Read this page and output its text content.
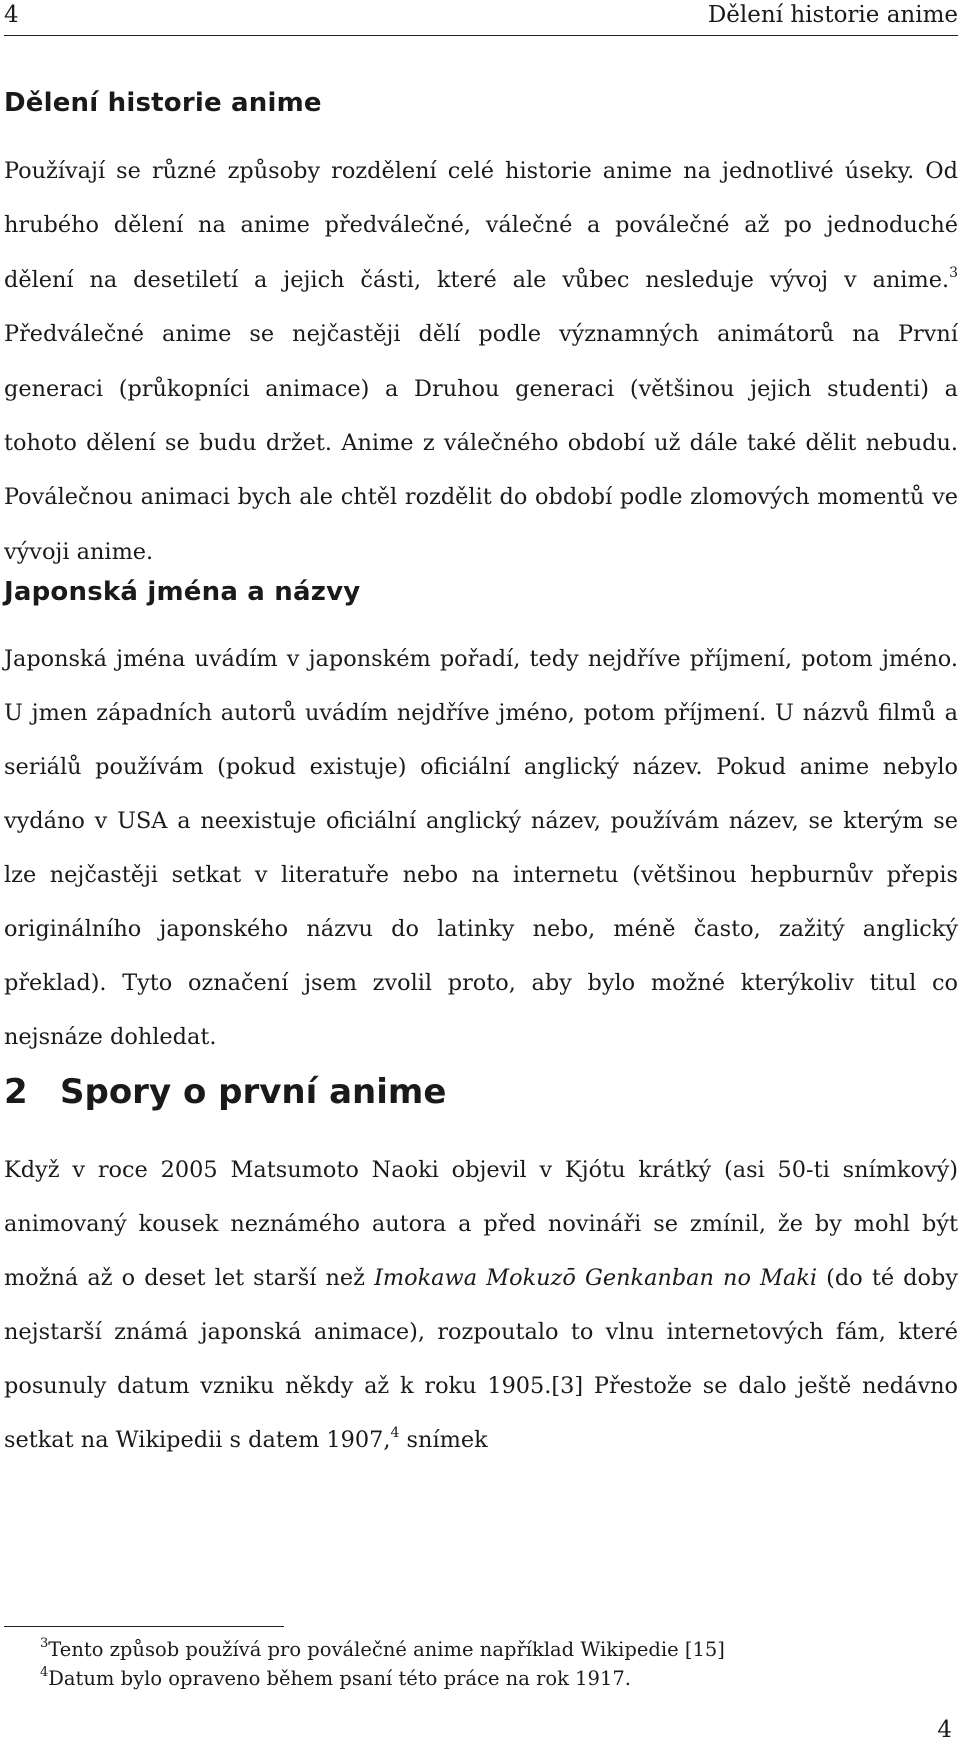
4	Dělení historie anime
Dělení historie anime
Používají se různé způsoby rozdělení celé historie anime na jednotlivé úseky. Od hrubého dělení na anime předválečné, válečné a poválečné až po jednoduché dělení na desetiletí a jejich části, které ale vůbec nesleduje vývoj v anime.$^3$ Předválečné anime se nejčastěji dělí podle významných animátorů na První generaci (průkopníci animace) a Druhou generaci (většinou jejich studenti) a tohoto dělení se budu držet. Anime z válečného období už dále také dělit nebudu. Poválečnou animaci bych ale chtěl rozdělit do období podle zlomových momentů ve vývoji anime.
Japonská jména a názvy
Japonská jména uvádím v japonském pořadí, tedy nejdříve příjmení, potom jméno. U jmen západních autorů uvádím nejdříve jméno, potom příjmení. U názvů filmů a seriálů používám (pokud existuje) oficiální anglický název. Pokud anime nebylo vydáno v USA a neexistuje oficiální anglický název, používám název, se kterým se lze nejčastěji setkat v literatuře nebo na internetu (většinou hepburnův přepis originálního japonského názvu do latinky nebo, méně často, zažitý anglický překlad). Tyto označení jsem zvolil proto, aby bylo možné kterýkoliv titul co nejsnáze dohledat.
2 Spory o první anime
Když v roce 2005 Matsumoto Naoki objevil v Kjótu krátký (asi 50-ti snímkový) animovaný kousek neznámého autora a před novináři se zmínil, že by mohl být možná až o deset let starší než Imokawa Mokuzō Genkanban no Maki (do té doby nejstarší známá japonská animace), rozpoutalo to vlnu internetových fám, které posunuly datum vzniku někdy až k roku 1905.[3] Přestože se dalo ještě nedávno setkat na Wikipedii s datem 1907,$^4$ snímek
$^3$Tento způsob používá pro poválečné anime například Wikipedie [15]
$^4$Datum bylo opraveno během psaní této práce na rok 1917.
4
